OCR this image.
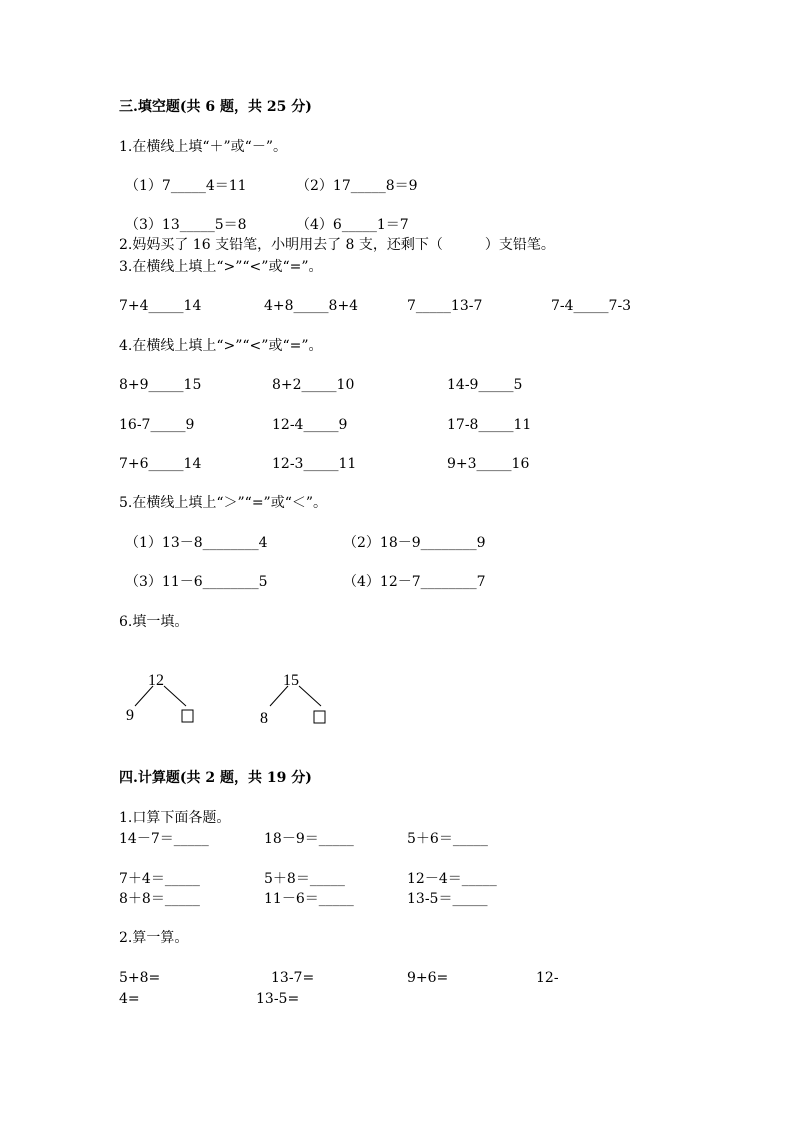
三.填空题(共 6 题，共 25 分)
1.在横线上填“＋”或“－”。
（1）7_____4＝11	（2）17_____8＝9
（3）13_____5＝8	（4）6_____1＝7
2.妈妈买了 16 支铅笔，小明用去了 8 支，还剩下（　　　）支铅笔。
3.在横线上填上“>”“<”或“=”。
7+4_____14	4+8_____8+4	7_____13-7	7-4_____7-3
4.在横线上填上“>”“<”或“=”。
8+9_____15	8+2_____10	14-9_____5
16-7_____9	12-4_____9	17-8_____11
7+6_____14	12-3_____11	9+3_____16
5.在横线上填上“＞”“=”或“＜”。
（1）13－8________4	（2）18－9________9
（3）11－6________5	（4）12－7________7
6.填一填。
12
9
15
8
四.计算题(共 2 题，共 19 分)
1.口算下面各题。
14－7＝_____	18－9＝_____	5＋6＝_____
7＋4＝_____	5＋8＝_____	12－4＝_____
8＋8＝_____	11－6＝_____	13-5＝_____
2.算一算。
5+8=	13-7=	9+6=	12-
4=	13-5=
